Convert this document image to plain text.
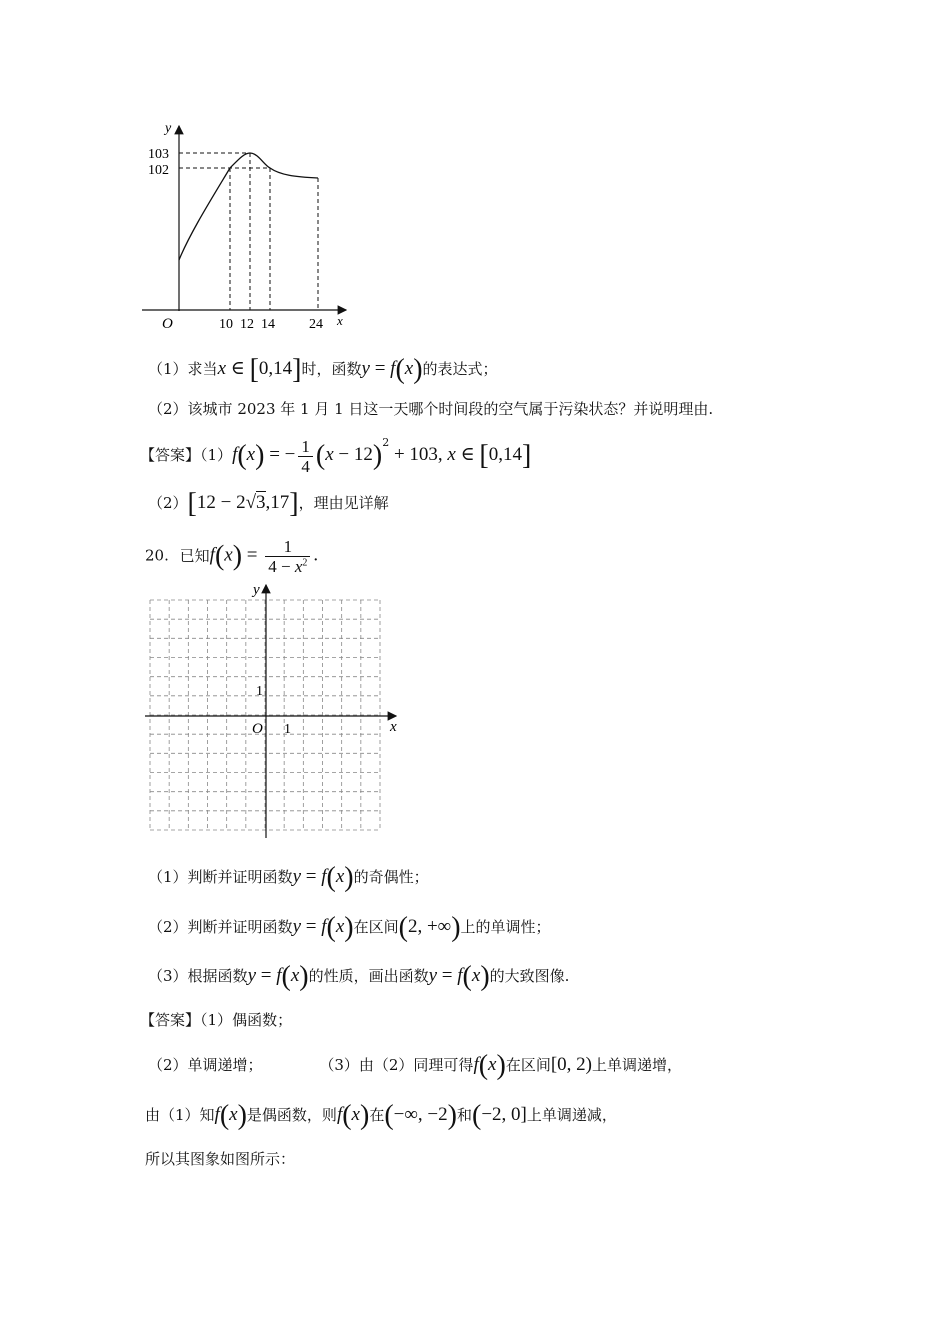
y
103
102
O	10 12 14 24 x
（1）求当x ∈ [0,14]时，函数y = f(x)的表达式；
（2）该城市 2023 年 1 月 1 日这一天哪个时间段的空气属于污染状态？并说明理由.
【答案】（1）f(x) = − $\frac{1}{4} (x - 12)^2 + 103$, x ∈ [0,14]
（2）[12 − 2√3,17]，理由见详解
20. 已知$f(x) = \frac{1}{4 - x^2}$ .
y
x
O 1
1
（1）判断并证明函数y = f(x)的奇偶性；
（2）判断并证明函数y = f(x)在区间(2, +∞)上的单调性；
（3）根据函数y = f(x)的性质，画出函数y = f(x)的大致图像.
【答案】（1）偶函数；
（2）单调递增；	（3）由（2）同理可得f(x)在区间[0, 2)上单调递增，
由（1）知f(x)是偶函数，则f(x)在(−∞, −2)和(−2, 0]上单调递减，
所以其图象如图所示：
